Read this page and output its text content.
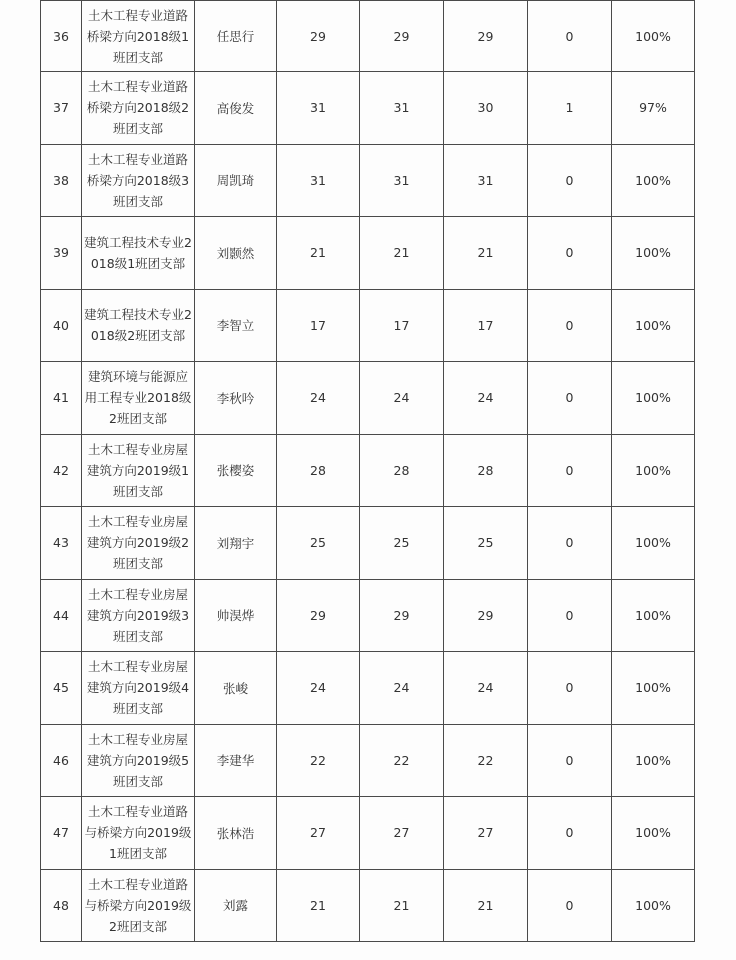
36	土木工程专业道路桥梁方向2018级1班团支部	任思行	29	29	29	0	100%
37	土木工程专业道路桥梁方向2018级2班团支部	高俊发	31	31	30	1	97%
38	土木工程专业道路桥梁方向2018级3班团支部	周凯琦	31	31	31	0	100%
39	建筑工程技术专业2018级1班团支部	刘颢然	21	21	21	0	100%
40	建筑工程技术专业2018级2班团支部	李智立	17	17	17	0	100%
41	建筑环境与能源应用工程专业2018级2班团支部	李秋吟	24	24	24	0	100%
42	土木工程专业房屋建筑方向2019级1班团支部	张樱姿	28	28	28	0	100%
43	土木工程专业房屋建筑方向2019级2班团支部	刘翔宇	25	25	25	0	100%
44	土木工程专业房屋建筑方向2019级3班团支部	帅淏烨	29	29	29	0	100%
45	土木工程专业房屋建筑方向2019级4班团支部	张峻	24	24	24	0	100%
46	土木工程专业房屋建筑方向2019级5班团支部	李建华	22	22	22	0	100%
47	土木工程专业道路与桥梁方向2019级1班团支部	张林浩	27	27	27	0	100%
48	土木工程专业道路与桥梁方向2019级2班团支部	刘露	21	21	21	0	100%
